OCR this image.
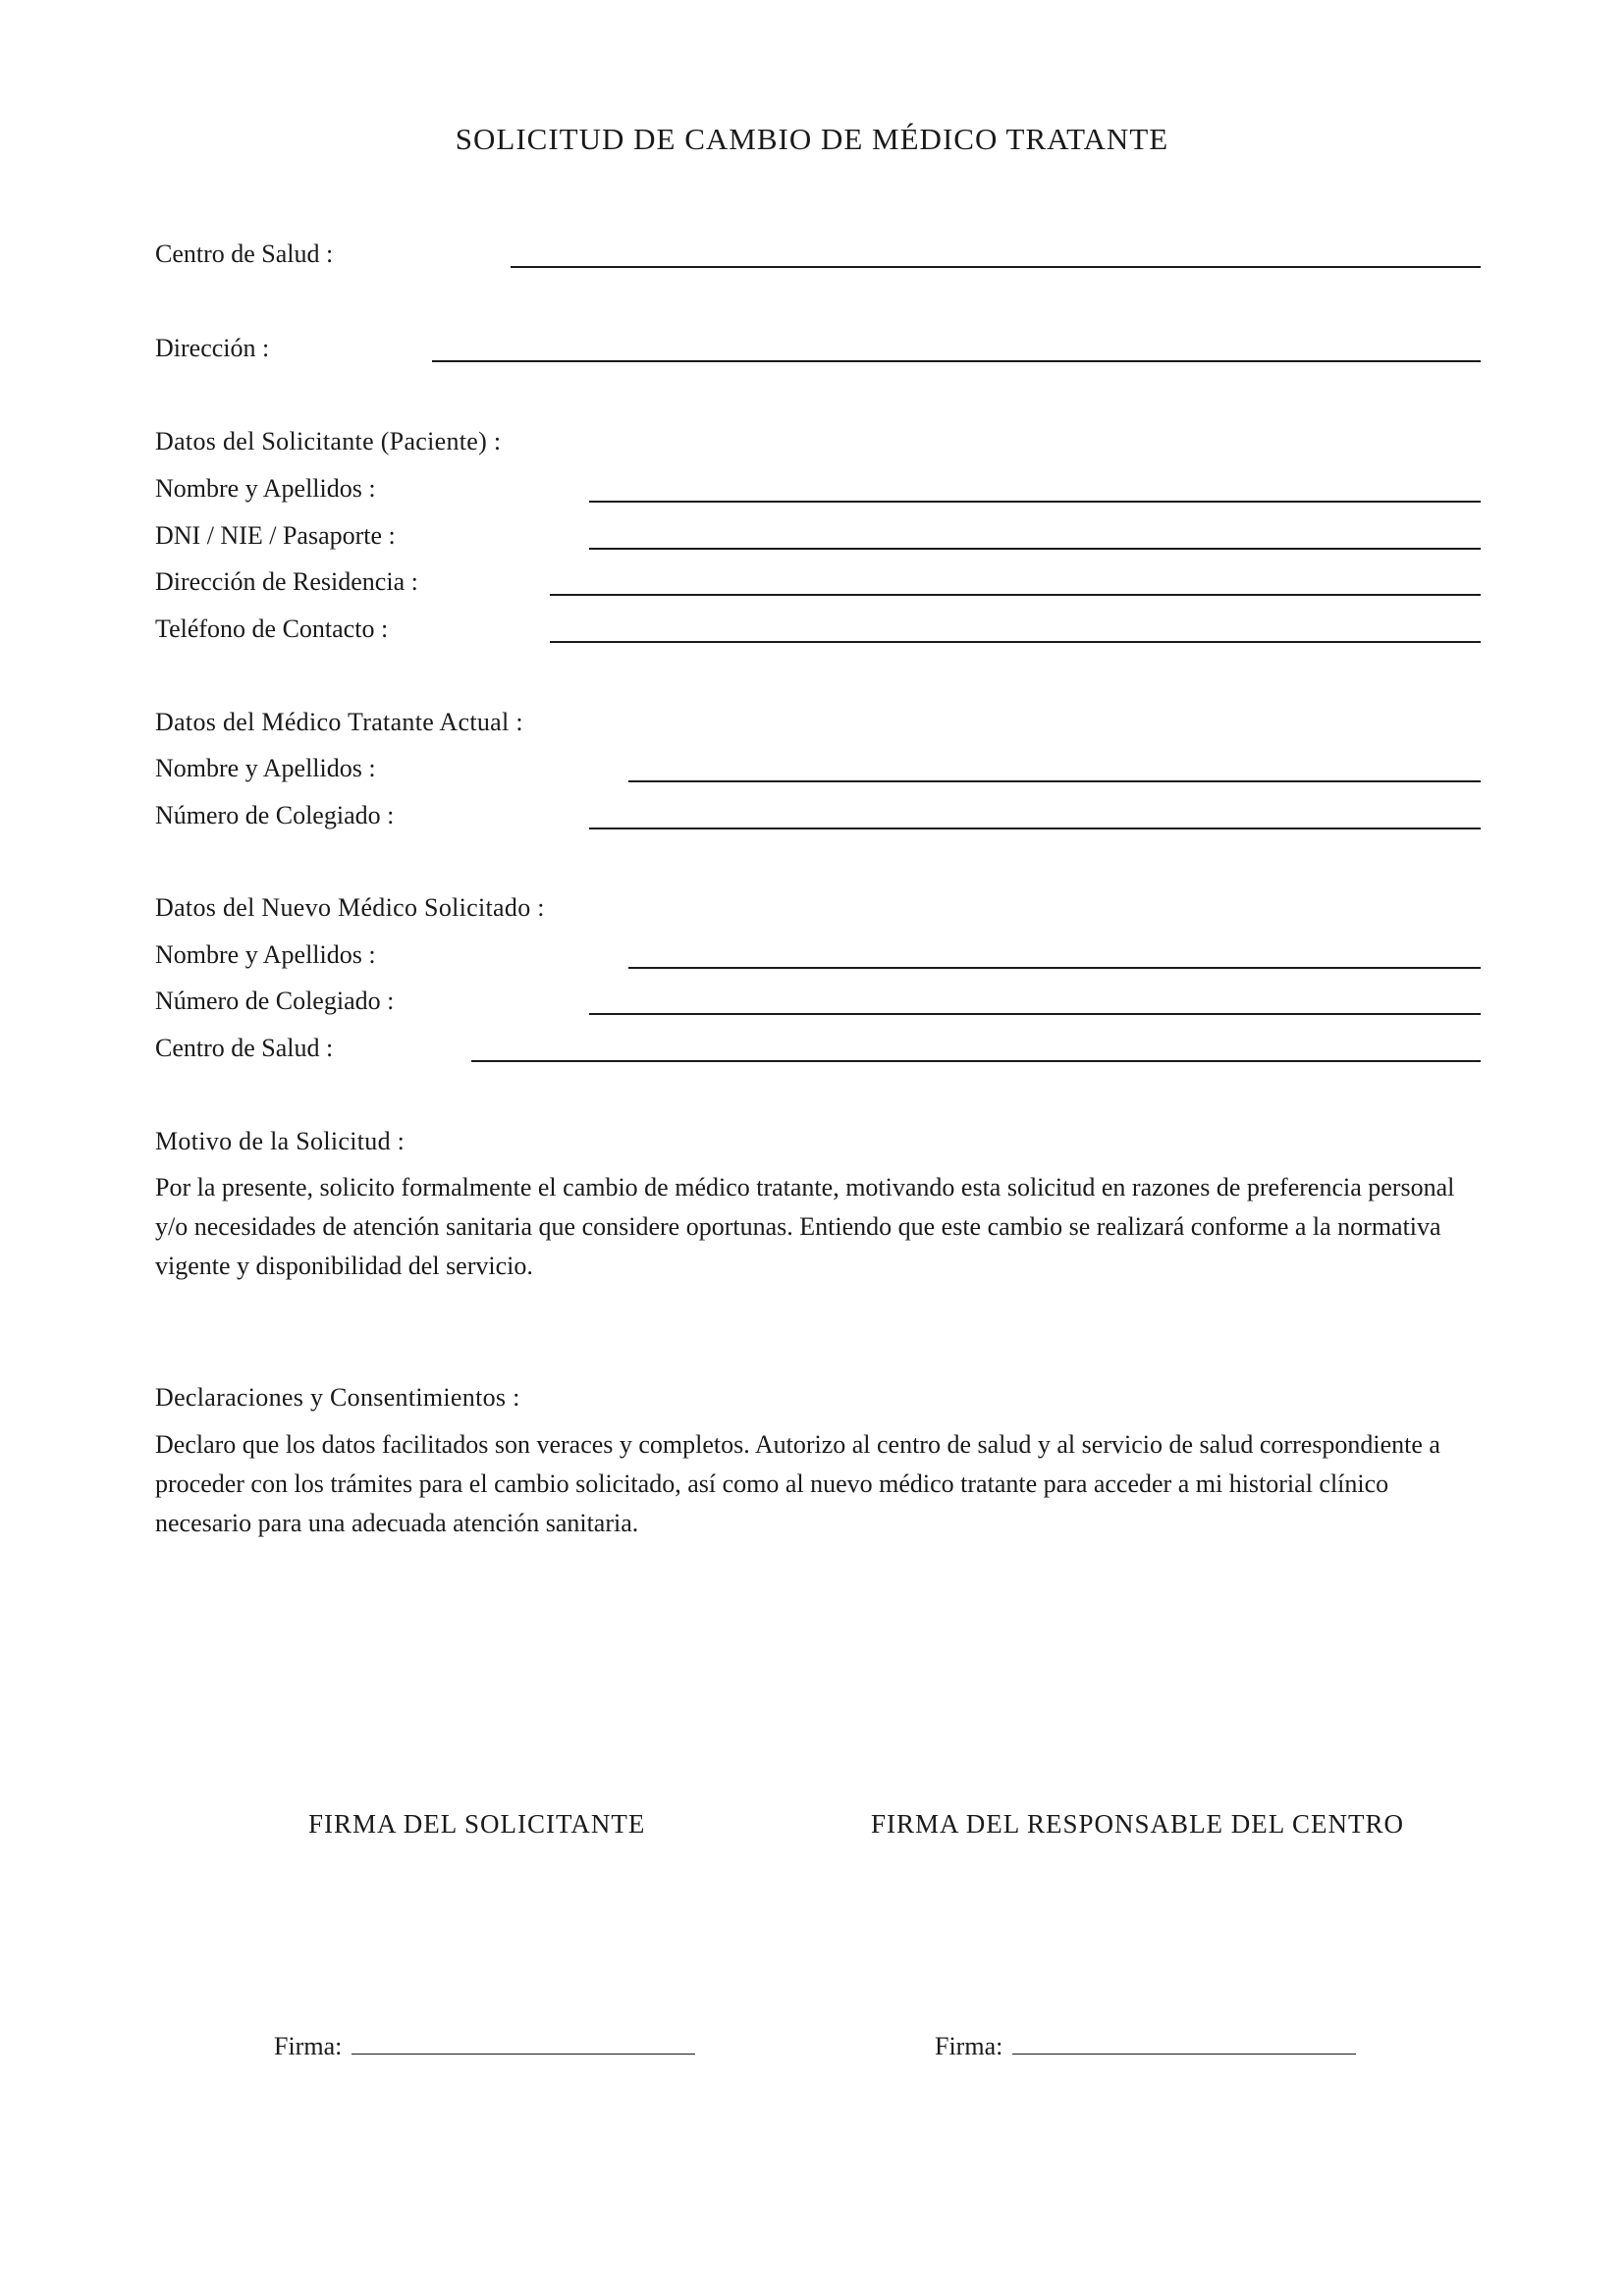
SOLICITUD DE CAMBIO DE MÉDICO TRATANTE
Centro de Salud :
Dirección :
Datos del Solicitante (Paciente) :
Nombre y Apellidos :
DNI / NIE / Pasaporte :
Dirección de Residencia :
Teléfono de Contacto :
Datos del Médico Tratante Actual :
Nombre y Apellidos :
Número de Colegiado :
Datos del Nuevo Médico Solicitado :
Nombre y Apellidos :
Número de Colegiado :
Centro de Salud :
Motivo de la Solicitud :
Por la presente, solicito formalmente el cambio de médico tratante, motivando esta solicitud en razones de preferencia personal y/o necesidades de atención sanitaria que considere oportunas. Entiendo que este cambio se realizará conforme a la normativa vigente y disponibilidad del servicio.
Declaraciones y Consentimientos :
Declaro que los datos facilitados son veraces y completos. Autorizo al centro de salud y al servicio de salud correspondiente a proceder con los trámites para el cambio solicitado, así como al nuevo médico tratante para acceder a mi historial clínico necesario para una adecuada atención sanitaria.
FIRMA DEL SOLICITANTE	FIRMA DEL RESPONSABLE DEL CENTRO
Firma:	Firma:
